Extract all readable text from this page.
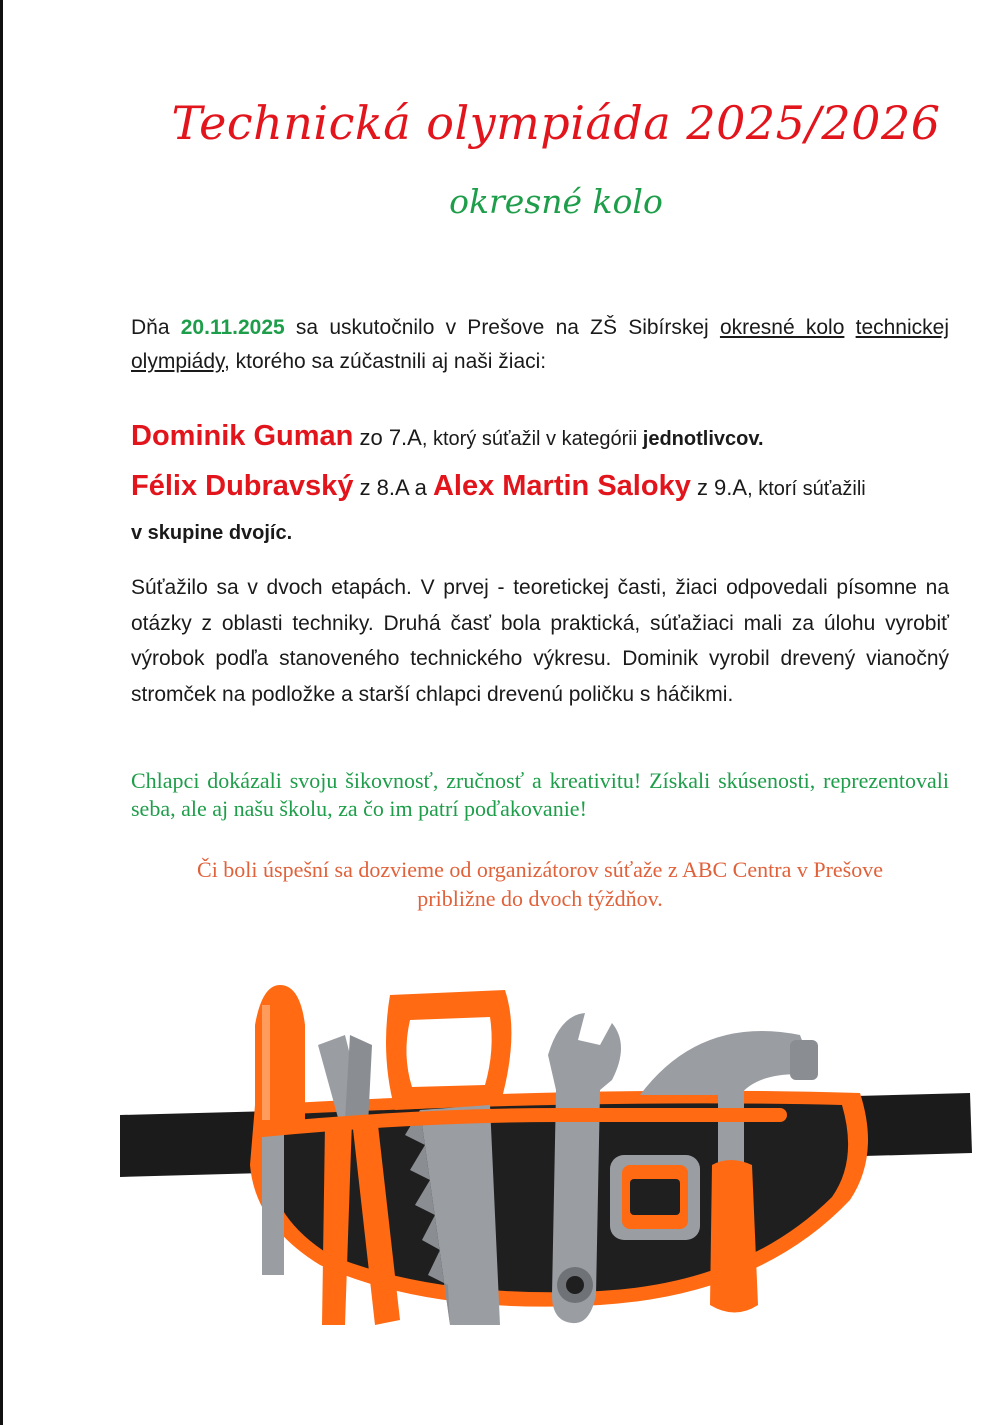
Technická olympiáda 2025/2026
okresné kolo

Dňa 20.11.2025 sa uskutočnilo v Prešove na ZŠ Sibírskej okresné kolo technickej olympiády, ktorého sa zúčastnili aj naši žiaci:

Dominik Guman zo 7.A, ktorý súťažil v kategórii jednotlivcov.

Félix Dubravský z 8.A a Alex Martin Saloky z 9.A, ktorí súťažili

v skupine dvojíc.

Súťažilo sa v dvoch etapách. V prvej - teoretickej časti, žiaci odpovedali písomne na otázky z oblasti techniky. Druhá časť bola praktická, súťažiaci mali za úlohu vyrobiť výrobok podľa stanoveného technického výkresu. Dominik vyrobil drevený vianočný stromček na podložke a starší chlapci drevenú poličku s háčikmi.

Chlapci dokázali svoju šikovnosť, zručnosť a kreativitu! Získali skúsenosti, reprezentovali seba, ale aj našu školu, za čo im patrí poďakovanie!

Či boli úspešní sa dozvieme od organizátorov súťaže z ABC Centra v Prešove
približne do dvoch týždňov.
